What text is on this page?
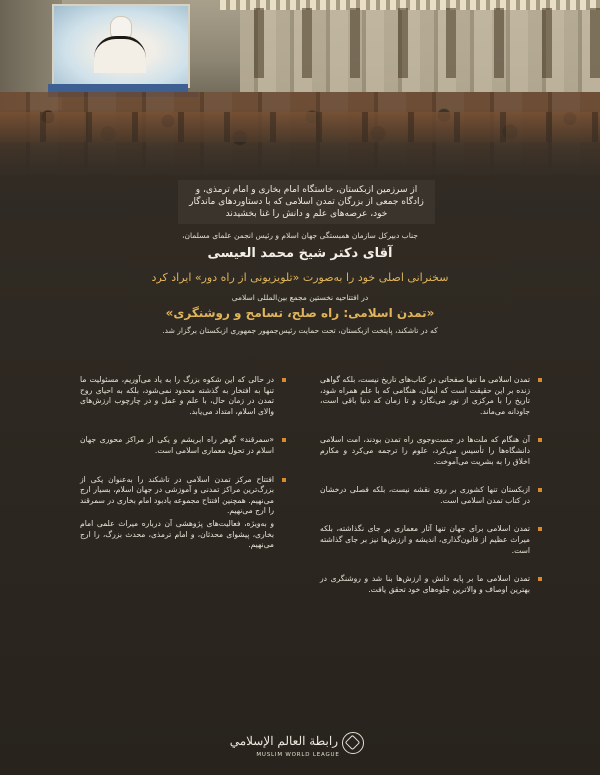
از سرزمین ازبکستان، خاستگاه امام بخاری و امام ترمذی، و زادگاه جمعی از بزرگان تمدن اسلامی که با دستاوردهای ماندگار خود، عرصه‌های علم و دانش را غنا بخشیدند
جناب دبیرکل سازمان همبستگی جهان اسلام و رئیس انجمن علمای مسلمان،
آقای دکتر شیخ محمد العیسی
سخنرانی اصلی خود را به‌صورت «تلویزیونی از راه دور» ایراد کرد
در افتتاحیه نخستین مجمع بین‌المللی اسلامی
«تمدن اسلامی: راه صلح، تسامح و روشنگری»
که در تاشکند، پایتخت ازبکستان، تحت حمایت رئیس‌جمهور جمهوری ازبکستان برگزار شد.
تمدن اسلامی ما تنها صفحاتی در کتاب‌های تاریخ نیست، بلکه گواهی زنده بر این حقیقت است که ایمان، هنگامی که با علم همراه شود، تاریخ را با مرکزی از نور می‌نگارد و تا زمان که دنیا باقی است، جاودانه می‌ماند.
آن هنگام که ملت‌ها در جست‌وجوی راه تمدن بودند، امت اسلامی دانشگاه‌ها را تأسیس می‌کرد، علوم را ترجمه می‌کرد و مکارم اخلاق را به بشریت می‌آموخت.
ازبکستان تنها کشوری بر روی نقشه نیست، بلکه فصلی درخشان در کتاب تمدن اسلامی است.
تمدن اسلامی برای جهان تنها آثار معماری بر جای نگذاشته، بلکه میراث عظیم از قانون‌گذاری، اندیشه و ارزش‌ها نیز بر جای گذاشته است.
تمدن اسلامی ما بر پایه دانش و ارزش‌ها بنا شد و روشنگری در بهترین اوصاف و والاترین جلوه‌های خود تحقق یافت.
در حالی که این شکوه بزرگ را به یاد می‌آوریم، مسئولیت ما تنها به افتخار به گذشته محدود نمی‌شود، بلکه به احیای روح تمدن در زمان حال، با علم و عمل و در چارچوب ارزش‌های والای اسلام، امتداد می‌یابد.
«سمرقند» گوهر راه ابریشم و یکی از مراکز محوری جهان اسلام در تحول معماری اسلامی است.
افتتاح مرکز تمدن اسلامی در تاشکند را به‌عنوان یکی از بزرگ‌ترین مراکز تمدنی و آموزشی در جهان اسلام، بسیار ارج می‌نهیم. همچنین افتتاح مجموعه یادبود امام بخاری در سمرقند را ارج می‌نهیم.
و به‌ویژه، فعالیت‌های پژوهشی آن درباره میراث علمی امام بخاری، پیشوای محدثان، و امام ترمذی، محدث بزرگ، را ارج می‌نهیم.
رابطة العالم الإسلامي
MUSLIM WORLD LEAGUE
